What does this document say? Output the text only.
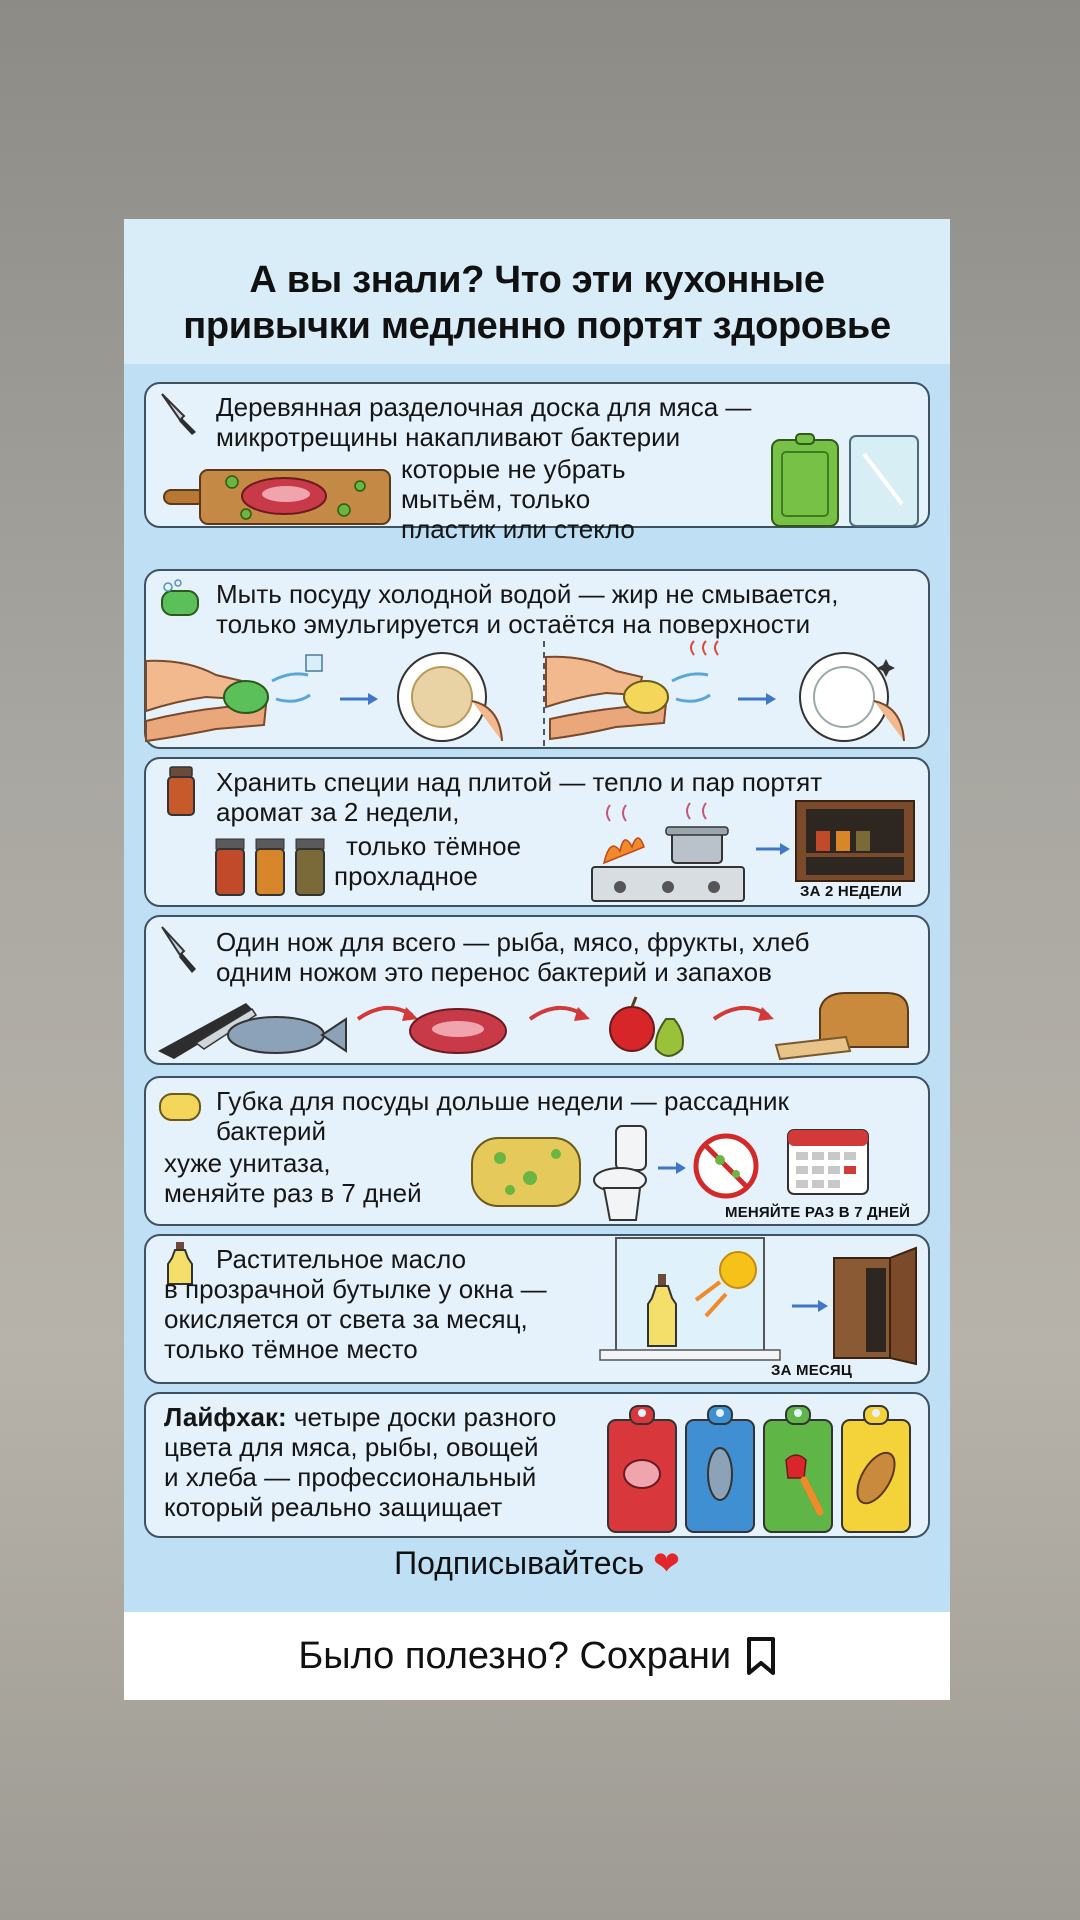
А вы знали? Что эти кухонные
привычки медленно портят здоровье

Деревянная разделочная доска для мяса —

микротрещины накапливают бактерии

которые не убрать

мытьём, только

пластик или стекло

Мыть посуду холодной водой — жир не смывается,

только эмульгируется и остаётся на поверхности

Хранить специи над плитой — тепло и пар портят

аромат за 2 недели,

только тёмное

прохладное

ЗА 2 НЕДЕЛИ

Один нож для всего — рыба, мясо, фрукты, хлеб

одним ножом это перенос бактерий и запахов

Губка для посуды дольше недели — рассадник

бактерий

хуже унитаза,

меняйте раз в 7 дней

МЕНЯЙТЕ РАЗ В 7 ДНЕЙ

Растительное масло

в прозрачной бутылке у окна —

окисляется от света за месяц,

только тёмное место

ЗА МЕСЯЦ

Лайфхак: четыре доски разного

цвета для мяса, рыбы, овощей

и хлеба — профессиональный

который реально защищает

Подписывайтесь ❤
Было полезно? Сохрани
